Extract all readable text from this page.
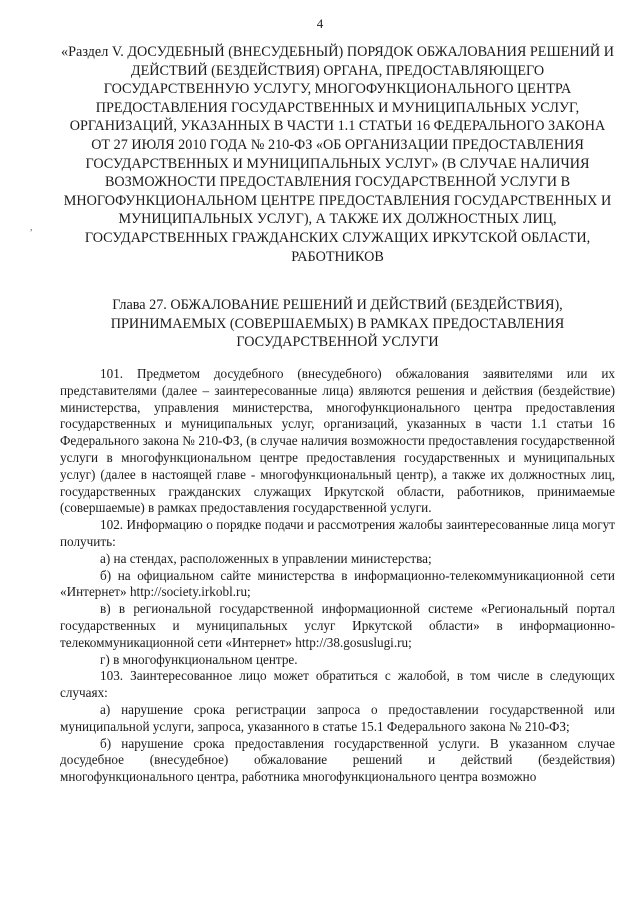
4
«Раздел V. ДОСУДЕБНЫЙ (ВНЕСУДЕБНЫЙ) ПОРЯДОК ОБЖАЛОВАНИЯ РЕШЕНИЙ И ДЕЙСТВИЙ (БЕЗДЕЙСТВИЯ) ОРГАНА, ПРЕДОСТАВЛЯЮЩЕГО ГОСУДАРСТВЕННУЮ УСЛУГУ, МНОГОФУНКЦИОНАЛЬНОГО ЦЕНТРА ПРЕДОСТАВЛЕНИЯ ГОСУДАРСТВЕННЫХ И МУНИЦИПАЛЬНЫХ УСЛУГ, ОРГАНИЗАЦИЙ, УКАЗАННЫХ В ЧАСТИ 1.1 СТАТЬИ 16 ФЕДЕРАЛЬНОГО ЗАКОНА ОТ 27 ИЮЛЯ 2010 ГОДА № 210-ФЗ «ОБ ОРГАНИЗАЦИИ ПРЕДОСТАВЛЕНИЯ ГОСУДАРСТВЕННЫХ И МУНИЦИПАЛЬНЫХ УСЛУГ» (В СЛУЧАЕ НАЛИЧИЯ ВОЗМОЖНОСТИ ПРЕДОСТАВЛЕНИЯ ГОСУДАРСТВЕННОЙ УСЛУГИ В МНОГОФУНКЦИОНАЛЬНОМ ЦЕНТРЕ ПРЕДОСТАВЛЕНИЯ ГОСУДАРСТВЕННЫХ И МУНИЦИПАЛЬНЫХ УСЛУГ), А ТАКЖЕ ИХ ДОЛЖНОСТНЫХ ЛИЦ, ГОСУДАРСТВЕННЫХ ГРАЖДАНСКИХ СЛУЖАЩИХ ИРКУТСКОЙ ОБЛАСТИ, РАБОТНИКОВ
,
Глава 27. ОБЖАЛОВАНИЕ РЕШЕНИЙ И ДЕЙСТВИЙ (БЕЗДЕЙСТВИЯ), ПРИНИМАЕМЫХ (СОВЕРШАЕМЫХ) В РАМКАХ ПРЕДОСТАВЛЕНИЯ ГОСУДАРСТВЕННОЙ УСЛУГИ

101. Предметом досудебного (внесудебного) обжалования заявителями или их представителями (далее – заинтересованные лица) являются решения и действия (бездействие) министерства, управления министерства, многофункционального центра предоставления государственных и муниципальных услуг, организаций, указанных в части 1.1 статьи 16 Федерального закона № 210-ФЗ, (в случае наличия возможности предоставления государственной услуги в многофункциональном центре предоставления государственных и муниципальных услуг) (далее в настоящей главе - многофункциональный центр), а также их должностных лиц, государственных гражданских служащих Иркутской области, работников, принимаемые (совершаемые) в рамках предоставления государственной услуги.

102. Информацию о порядке подачи и рассмотрения жалобы заинтересованные лица могут получить:

а) на стендах, расположенных в управлении министерства;

б) на официальном сайте министерства в информационно-телекоммуникационной сети «Интернет» http://society.irkobl.ru;

в) в региональной государственной информационной системе «Региональный портал государственных и муниципальных услуг Иркутской области» в информационно-телекоммуникационной сети «Интернет» http://38.gosuslugi.ru;

г) в многофункциональном центре.

103. Заинтересованное лицо может обратиться с жалобой, в том числе в следующих случаях:

а) нарушение срока регистрации запроса о предоставлении государственной или муниципальной услуги, запроса, указанного в статье 15.1 Федерального закона № 210-ФЗ;

б) нарушение срока предоставления государственной услуги. В указанном случае досудебное (внесудебное) обжалование решений и действий (бездействия) многофункционального центра, работника многофункционального центра возможно
